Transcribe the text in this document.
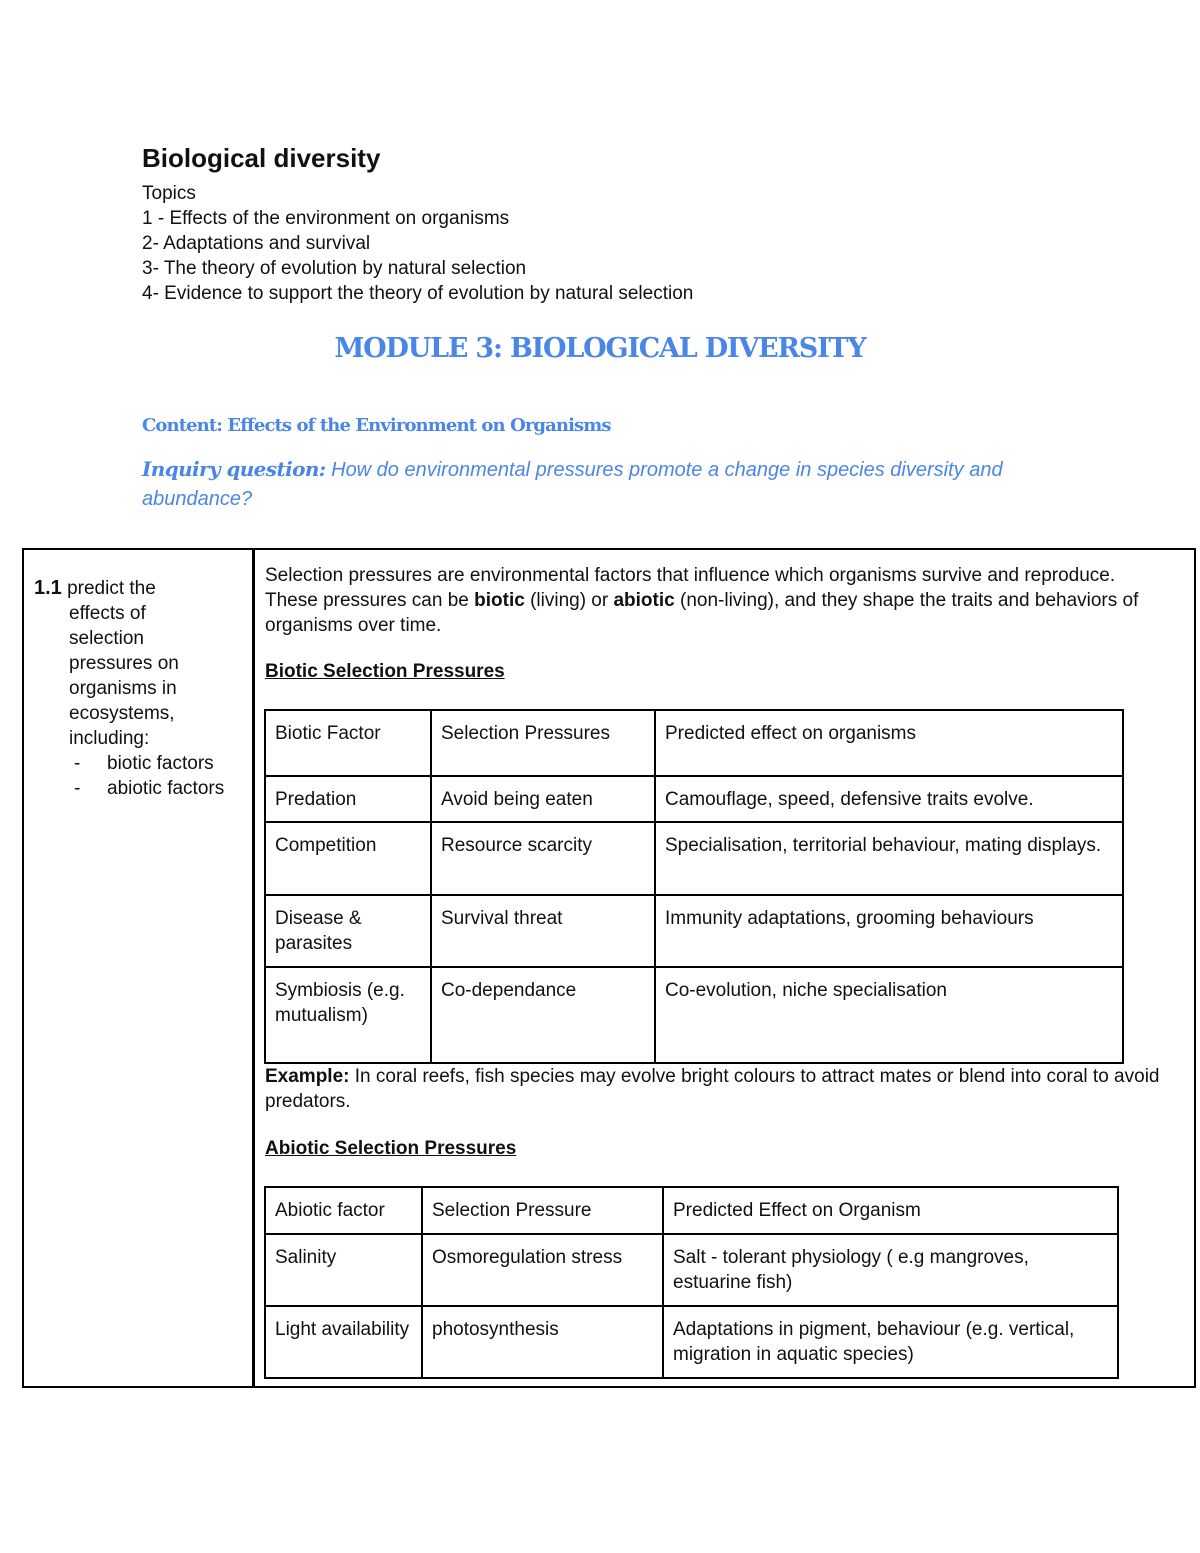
Biological diversity
Topics
1 - Effects of the environment on organisms
2- Adaptations and survival
3- The theory of evolution by natural selection
4- Evidence to support the theory of evolution by natural selection
MODULE 3: BIOLOGICAL DIVERSITY
Content: Effects of the Environment on Organisms
Inquiry question: How do environmental pressures promote a change in species diversity and abundance?
1.1 predict the
effects of
selection
pressures on
organisms in
ecosystems,
including:
- biotic factors
- abiotic factors
Selection pressures are environmental factors that influence which organisms survive and reproduce. These pressures can be biotic (living) or abiotic (non-living), and they shape the traits and behaviors of organisms over time.
Biotic Selection Pressures
Biotic Factor	Selection Pressures	Predicted effect on organisms
Predation	Avoid being eaten	Camouflage, speed, defensive traits evolve.
Competition	Resource scarcity	Specialisation, territorial behaviour, mating displays.
Disease & parasites	Survival threat	Immunity adaptations, grooming behaviours
Symbiosis (e.g. mutualism)	Co-dependance	Co-evolution, niche specialisation
Example: In coral reefs, fish species may evolve bright colours to attract mates or blend into coral to avoid predators.
Abiotic Selection Pressures
Abiotic factor	Selection Pressure	Predicted Effect on Organism
Salinity	Osmoregulation stress	Salt - tolerant physiology ( e.g mangroves, estuarine fish)
Light availability	photosynthesis	Adaptations in pigment, behaviour (e.g. vertical, migration in aquatic species)
